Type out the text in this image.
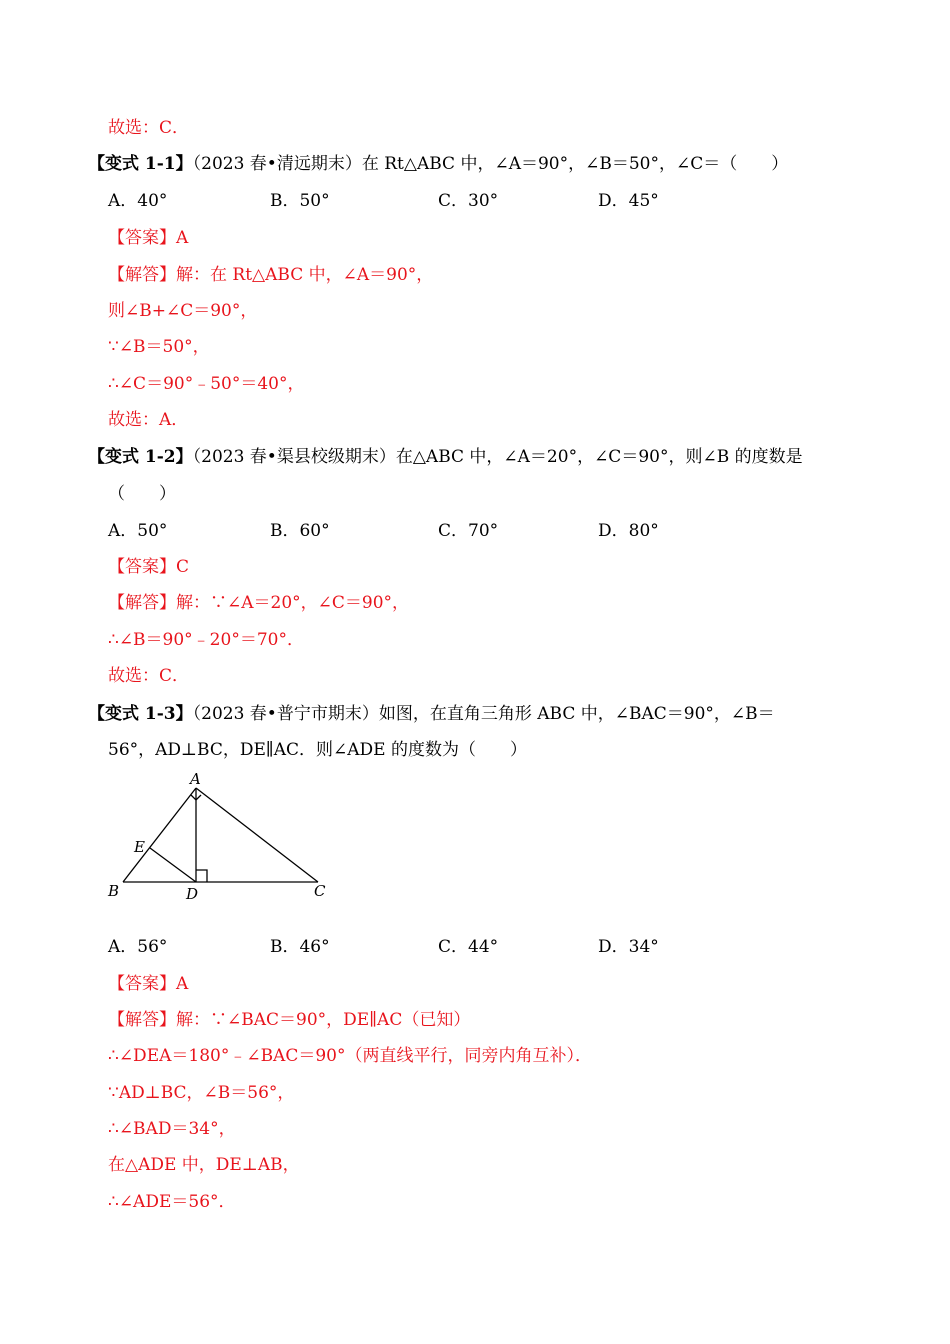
故选：C．
【变式 1-1】（2023 春•清远期末）在 Rt△ABC 中，∠A＝90°，∠B＝50°，∠C＝（　　）
A．40°	B．50°	C．30°	D．45°
【答案】A
【解答】解：在 Rt△ABC 中，∠A＝90°，
则∠B+∠C＝90°，
∵∠B＝50°，
∴∠C＝90°﹣50°＝40°，
故选：A．
【变式 1-2】（2023 春•渠县校级期末）在△ABC 中，∠A＝20°，∠C＝90°，则∠B 的度数是
（　　）
A．50°	B．60°	C．70°	D．80°
【答案】C
【解答】解：∵∠A＝20°，∠C＝90°，
∴∠B＝90°﹣20°＝70°．
故选：C．
【变式 1-3】（2023 春•普宁市期末）如图，在直角三角形 ABC 中，∠BAC＝90°，∠B＝
56°，AD⊥BC，DE∥AC．则∠ADE 的度数为（　　）
A
B	C
D
E
A．56°	B．46°	C．44°	D．34°
【答案】A
【解答】解：∵∠BAC＝90°，DE∥AC（已知）
∴∠DEA＝180°﹣∠BAC＝90°（两直线平行，同旁内角互补）．
∵AD⊥BC，∠B＝56°，
∴∠BAD＝34°，
在△ADE 中，DE⊥AB，
∴∠ADE＝56°．
